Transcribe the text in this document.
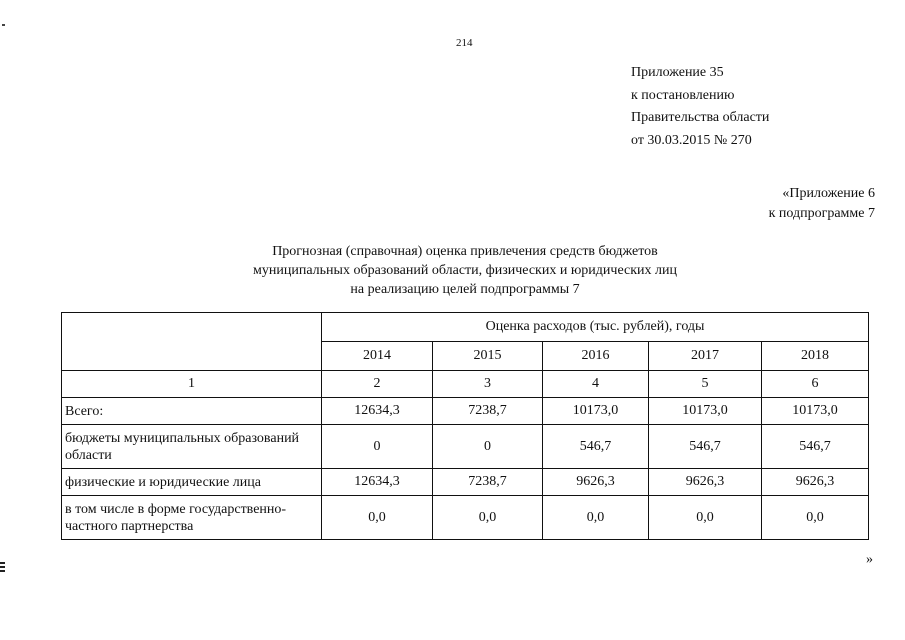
214
Приложение 35
к постановлению
Правительства области
от 30.03.2015 № 270
«Приложение 6
к подпрограмме 7
Прогнозная (справочная) оценка привлечения средств бюджетов
муниципальных образований области, физических и юридических лиц
на реализацию целей подпрограммы 7
	Оценка расходов (тыс. рублей), годы				
	2014	2015	2016	2017	2018
1	2	3	4	5	6
Всего:	12634,3	7238,7	10173,0	10173,0	10173,0
бюджеты муниципальных образований области	0	0	546,7	546,7	546,7
физические и юридические лица	12634,3	7238,7	9626,3	9626,3	9626,3
в том числе в форме государственно-частного партнерства	0,0	0,0	0,0	0,0	0,0
»
